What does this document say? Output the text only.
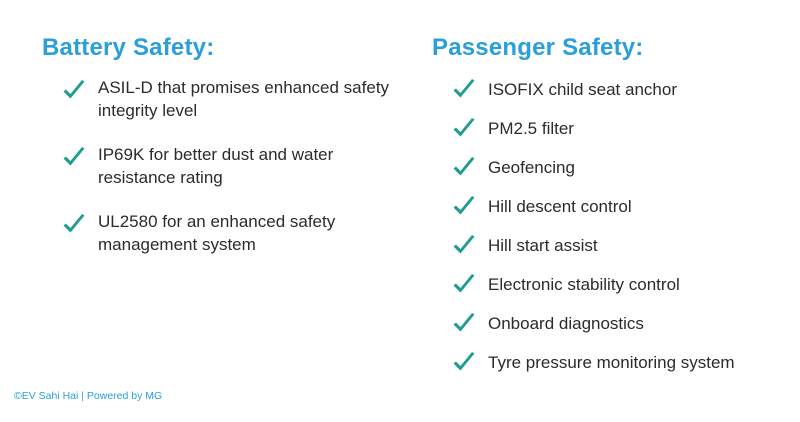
Battery Safety:
ASIL-D that promises enhanced safety integrity level
IP69K for better dust and water resistance rating
UL2580 for an enhanced safety management system
Passenger Safety:
ISOFIX child seat anchor
PM2.5 filter
Geofencing
Hill descent control
Hill start assist
Electronic stability control
Onboard diagnostics
Tyre pressure monitoring system
©EV Sahi Hai | Powered by MG
